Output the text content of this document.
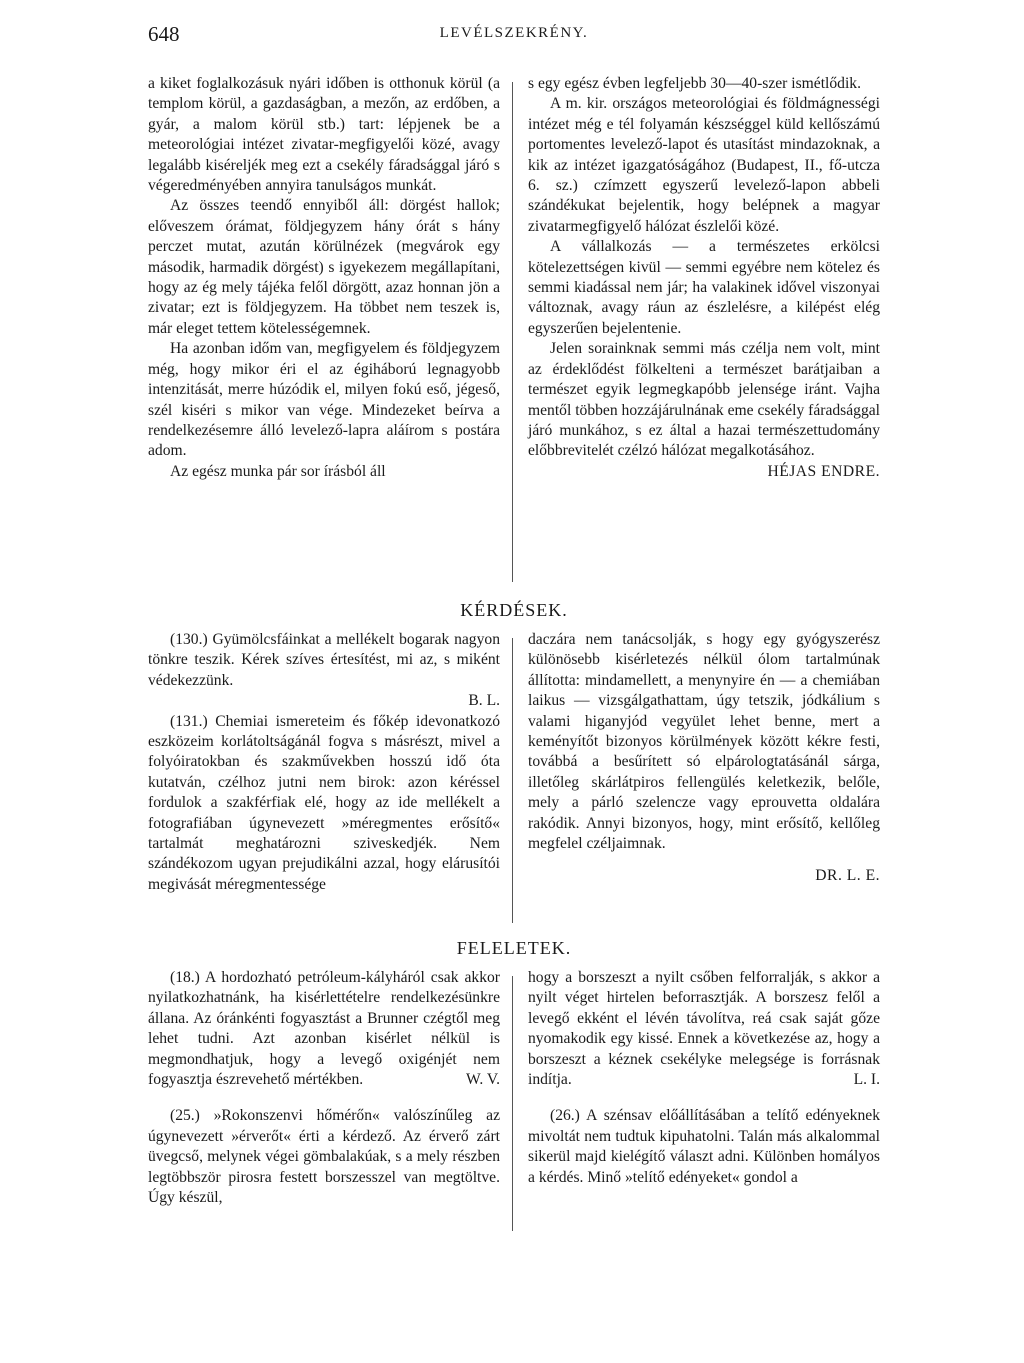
648	LEVÉLSZEKRÉNY.

a kiket foglalkozásuk nyári időben is otthonuk körül (a templom körül, a gazdaságban, a mezőn, az erdőben, a gyár, a malom körül stb.) tart: lépjenek be a meteorológiai intézet zivatar-megfigyelői közé, avagy legalább kiséreljék meg ezt a csekély fáradsággal járó s végeredményében annyira tanulságos munkát.

Az összes teendő ennyiből áll: dörgést hallok; előveszem órámat, földjegyzem hány órát s hány perczet mutat, azután körülnézek (megvárok egy második, harmadik dörgést) s igyekezem megállapítani, hogy az ég mely tájéka felől dörgött, azaz honnan jön a zivatar; ezt is földjegyzem. Ha többet nem teszek is, már eleget tettem kötelességemnek.

Ha azonban időm van, megfigyelem és földjegyzem még, hogy mikor éri el az égiháború legnagyobb intenzitását, merre húzódik el, milyen fokú eső, jégeső, szél kiséri s mikor van vége. Mindezeket beírva a rendelkezésemre álló levelező-lapra aláírom s postára adom.

Az egész munka pár sor írásból áll

s egy egész évben legfeljebb 30—40-szer ismétlődik.

A m. kir. országos meteorológiai és földmágnességi intézet még e tél folyamán készséggel küld kellőszámú portomentes levelező-lapot és utasítást mindazoknak, a kik az intézet igazgatóságához (Budapest, II., fő-utcza 6. sz.) czímzett egyszerű levelező-lapon abbeli szándékukat bejelentik, hogy belépnek a magyar zivatarmegfigyelő hálózat észlelői közé.

A vállalkozás — a természetes erkölcsi kötelezettségen kivül — semmi egyébre nem kötelez és semmi kiadással nem jár; ha valakinek idővel viszonyai változnak, avagy ráun az észlelésre, a kilépést elég egyszerűen bejelentenie.

Jelen sorainknak semmi más czélja nem volt, mint az érdeklődést fölkelteni a természet barátjaiban a természet egyik legmegkapóbb jelensége iránt. Vajha mentől többen hozzájárulnának eme csekély fáradsággal járó munkához, s ez által a hazai természettudomány előbbrevitelét czélzó hálózat megalkotásához.

HÉJAS ENDRE.
KÉRDÉSEK.

(130.) Gyümölcsfáinkat a mellékelt bogarak nagyon tönkre teszik. Kérek szíves értesítést, mi az, s miként védekezzünk.

B. L.

(131.) Chemiai ismereteim és főkép idevonatkozó eszközeim korlátoltságánál fogva s másrészt, mivel a folyóiratokban és szakművekben hosszú idő óta kutatván, czélhoz jutni nem birok: azon kéréssel fordulok a szakférfiak elé, hogy az ide mellékelt a fotografiában úgynevezett »méregmentes erősítő« tartalmát meghatározni sziveskedjék. Nem szándékozom ugyan prejudikálni azzal, hogy elárusítói megivását méregmentessége

daczára nem tanácsolják, s hogy egy gyógyszerész különösebb kisérletezés nélkül ólom tartalmúnak állította: mindamellett, a menynyire én — a chemiában laikus — vizsgálgathattam, úgy tetszik, jódkálium s valami higanyjód vegyület lehet benne, mert a keményítőt bizonyos körülmények között kékre festi, továbbá a besűrített só elpárologtatásánál sárga, illetőleg skárlátpiros fellengülés keletkezik, belőle, mely a párló szelencze vagy eprouvetta oldalára rakódik. Annyi bizonyos, hogy, mint erősítő, kellőleg megfelel czéljaimnak.

DR. L. E.
FELELETEK.

(18.) A hordozható petróleum-kályháról csak akkor nyilatkozhatnánk, ha kisérlettételre rendelkezésünkre állana. Az óránkénti fogyasztást a Brunner czégtől meg lehet tudni. Azt azonban kisérlet nélkül is megmondhatjuk, hogy a levegő oxigénjét nem fogyasztja észrevehető mértékben.	W. V.

(25.) »Rokonszenvi hőmérőn« valószínűleg az úgynevezett »érverőt« érti a kérdező. Az érverő zárt üvegcső, melynek végei gömbalakúak, s a mely részben legtöbbször pirosra festett borszesszel van megtöltve. Úgy készül,

hogy a borszeszt a nyilt csőben felforralják, s akkor a nyilt véget hirtelen beforrasztják. A borszesz felől a levegő ekként el lévén távolítva, reá csak saját gőze nyomakodik egy kissé. Ennek a következése az, hogy a borszeszt a kéznek csekélyke melegsége is forrásnak indítja.	L. I.

(26.) A szénsav előállításában a telítő edényeknek mivoltát nem tudtuk kipuhatolni. Talán más alkalommal sikerül majd kielégítő választ adni. Különben homályos a kérdés. Minő »telítő edényeket« gondol a
